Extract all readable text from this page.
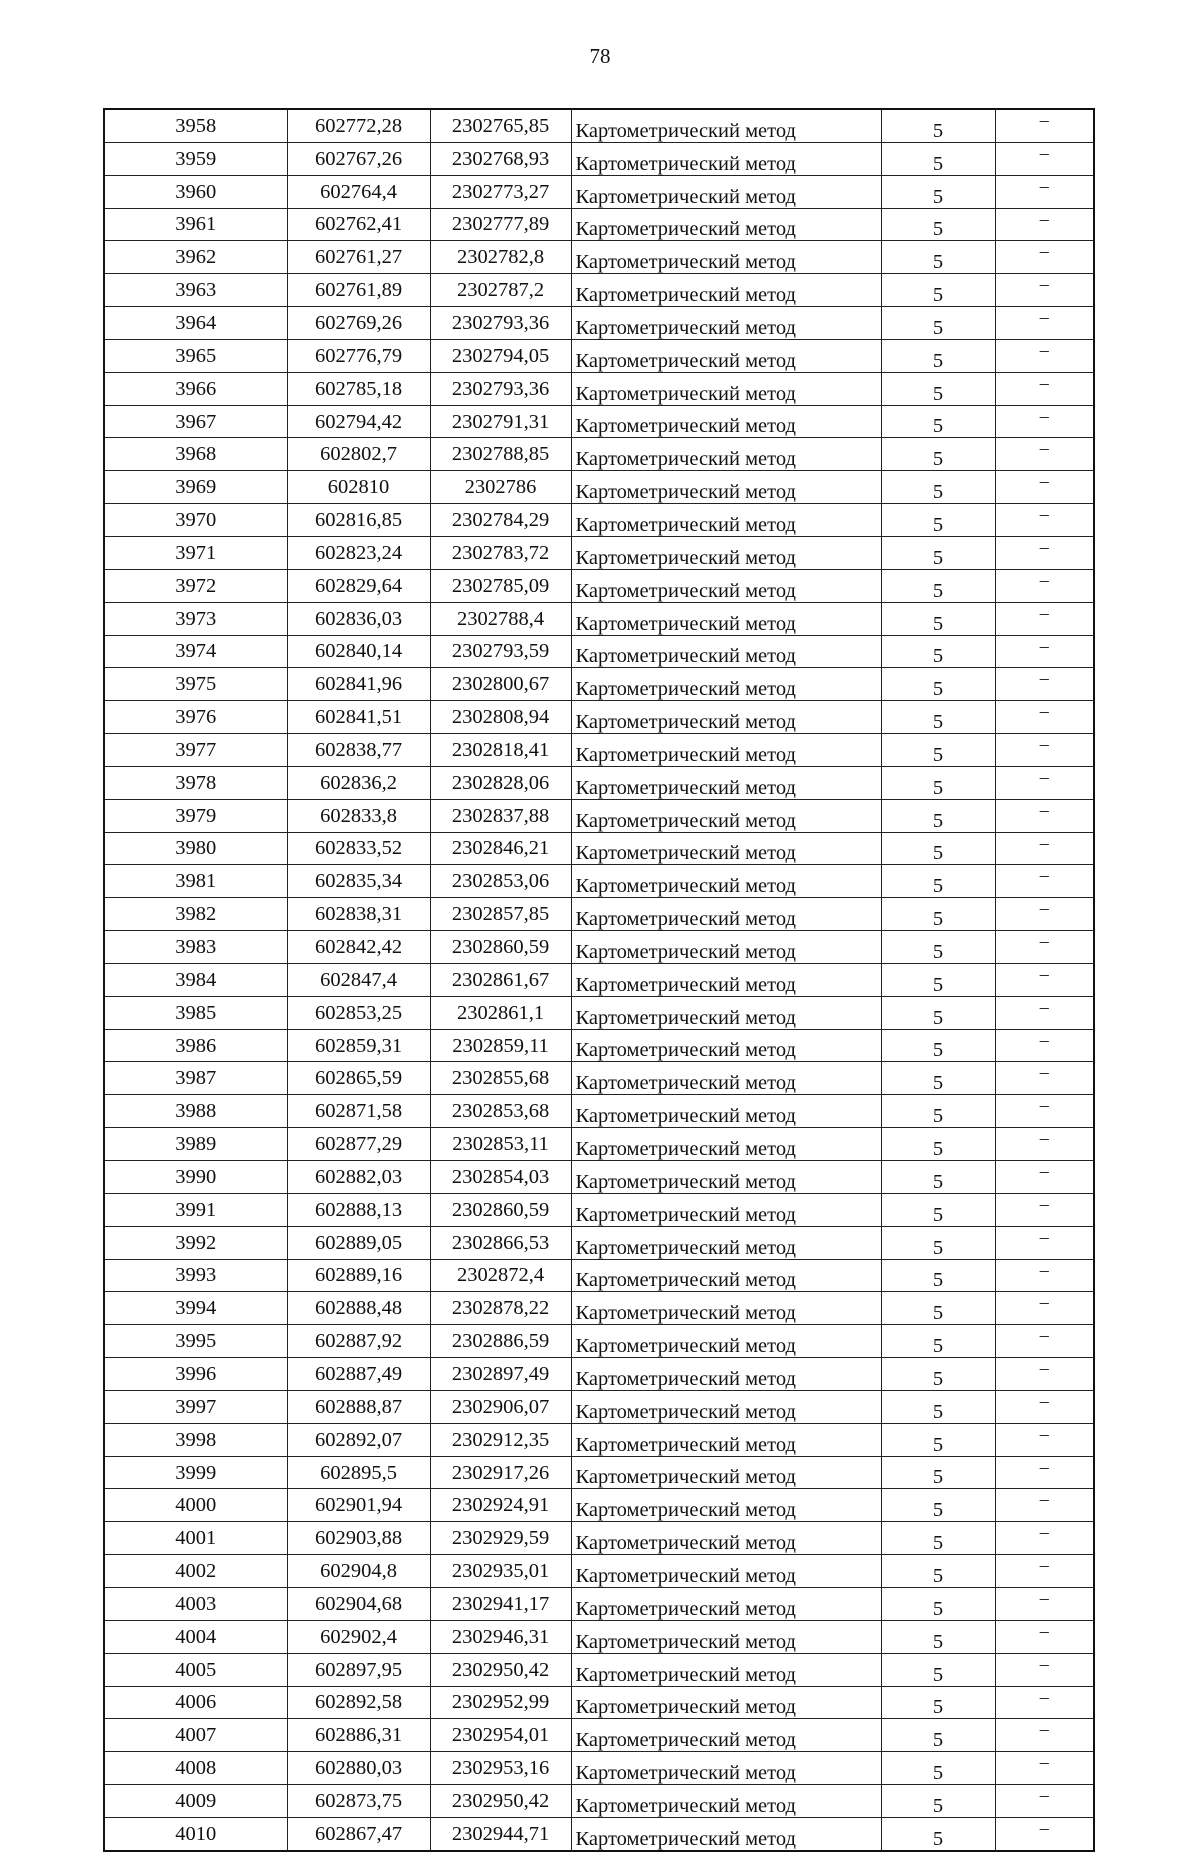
78
3958	602772,28	2302765,85	Картометрический метод	5	–
3959	602767,26	2302768,93	Картометрический метод	5	–
3960	602764,4	2302773,27	Картометрический метод	5	–
3961	602762,41	2302777,89	Картометрический метод	5	–
3962	602761,27	2302782,8	Картометрический метод	5	–
3963	602761,89	2302787,2	Картометрический метод	5	–
3964	602769,26	2302793,36	Картометрический метод	5	–
3965	602776,79	2302794,05	Картометрический метод	5	–
3966	602785,18	2302793,36	Картометрический метод	5	–
3967	602794,42	2302791,31	Картометрический метод	5	–
3968	602802,7	2302788,85	Картометрический метод	5	–
3969	602810	2302786	Картометрический метод	5	–
3970	602816,85	2302784,29	Картометрический метод	5	–
3971	602823,24	2302783,72	Картометрический метод	5	–
3972	602829,64	2302785,09	Картометрический метод	5	–
3973	602836,03	2302788,4	Картометрический метод	5	–
3974	602840,14	2302793,59	Картометрический метод	5	–
3975	602841,96	2302800,67	Картометрический метод	5	–
3976	602841,51	2302808,94	Картометрический метод	5	–
3977	602838,77	2302818,41	Картометрический метод	5	–
3978	602836,2	2302828,06	Картометрический метод	5	–
3979	602833,8	2302837,88	Картометрический метод	5	–
3980	602833,52	2302846,21	Картометрический метод	5	–
3981	602835,34	2302853,06	Картометрический метод	5	–
3982	602838,31	2302857,85	Картометрический метод	5	–
3983	602842,42	2302860,59	Картометрический метод	5	–
3984	602847,4	2302861,67	Картометрический метод	5	–
3985	602853,25	2302861,1	Картометрический метод	5	–
3986	602859,31	2302859,11	Картометрический метод	5	–
3987	602865,59	2302855,68	Картометрический метод	5	–
3988	602871,58	2302853,68	Картометрический метод	5	–
3989	602877,29	2302853,11	Картометрический метод	5	–
3990	602882,03	2302854,03	Картометрический метод	5	–
3991	602888,13	2302860,59	Картометрический метод	5	–
3992	602889,05	2302866,53	Картометрический метод	5	–
3993	602889,16	2302872,4	Картометрический метод	5	–
3994	602888,48	2302878,22	Картометрический метод	5	–
3995	602887,92	2302886,59	Картометрический метод	5	–
3996	602887,49	2302897,49	Картометрический метод	5	–
3997	602888,87	2302906,07	Картометрический метод	5	–
3998	602892,07	2302912,35	Картометрический метод	5	–
3999	602895,5	2302917,26	Картометрический метод	5	–
4000	602901,94	2302924,91	Картометрический метод	5	–
4001	602903,88	2302929,59	Картометрический метод	5	–
4002	602904,8	2302935,01	Картометрический метод	5	–
4003	602904,68	2302941,17	Картометрический метод	5	–
4004	602902,4	2302946,31	Картометрический метод	5	–
4005	602897,95	2302950,42	Картометрический метод	5	–
4006	602892,58	2302952,99	Картометрический метод	5	–
4007	602886,31	2302954,01	Картометрический метод	5	–
4008	602880,03	2302953,16	Картометрический метод	5	–
4009	602873,75	2302950,42	Картометрический метод	5	–
4010	602867,47	2302944,71	Картометрический метод	5	–
